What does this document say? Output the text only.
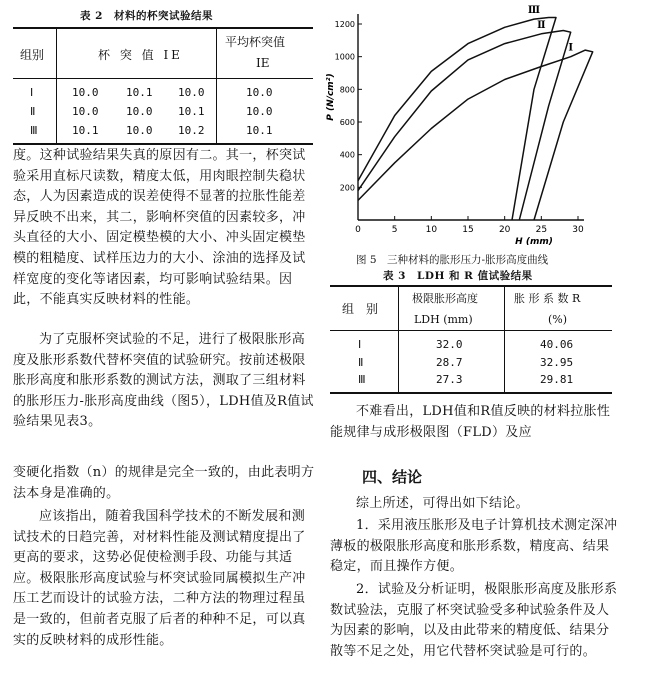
表 2　材料的杯突试验结果
组别	杯 突 值 IE
平均杯突值
IE
Ⅰ	10.0	10.1 10.0	10.0
Ⅱ	10.0	10.0 10.1	10.0
Ⅲ	10.1	10.0 10.2	10.1
度。这种试验结果失真的原因有二。其一，杯突试验采用直标尺读数，精度太低，用肉眼控制失稳状态，人为因素造成的误差使得不显著的拉胀性能差异反映不出来，其二，影响杯突值的因素较多，冲头直径的大小、固定模垫模的大小、冲头固定模垫模的粗糙度、试样压边力的大小、涂油的选择及试样宽度的变化等诸因素，均可影响试验结果。因此，不能真实反映材料的性能。
为了克服杯突试验的不足，进行了极限胀形高度及胀形系数代替杯突值的试验研究。按前述极限胀形高度和胀形系数的测试方法，测取了三组材料的胀形压力-胀形高度曲线（图5），LDH值及R值试验结果见表3。
变硬化指数（n）的规律是完全一致的，由此表明方法本身是准确的。
应该指出，随着我国科学技术的不断发展和测试技术的日趋完善，对材料性能及测试精度提出了更高的要求，这势必促使检测手段、功能与其适应。极限胀形高度试验与杯突试验同属模拟生产冲压工艺而设计的试验方法，二种方法的物理过程虽是一致的，但前者克服了后者的种种不足，可以真实的反映材料的成形性能。
0	5	10	15	20	25	30
200
400
600
800
1000
1200
P (N/cm²)
H (mm)
Ⅰ
Ⅱ
Ⅲ
图 5　三种材料的胀形压力-胀形高度曲线
表 3　LDH 和 R 值试验结果
组　别
极限胀形高度
LDH (mm)
胀 形 系 数 R
(%)
Ⅰ	32.0	40.06
Ⅱ	28.7	32.95
Ⅲ	27.3	29.81
不难看出，LDH值和R值反映的材料拉胀性能规律与成形极限图（FLD）及应
四、结论
综上所述，可得出如下结论。
1．采用液压胀形及电子计算机技术测定深冲薄板的极限胀形高度和胀形系数，精度高、结果稳定，而且操作方便。
2．试验及分析证明，极限胀形高度及胀形系数试验法，克服了杯突试验受多种试验条件及人为因素的影响，以及由此带来的精度低、结果分散等不足之处，用它代替杯突试验是可行的。
